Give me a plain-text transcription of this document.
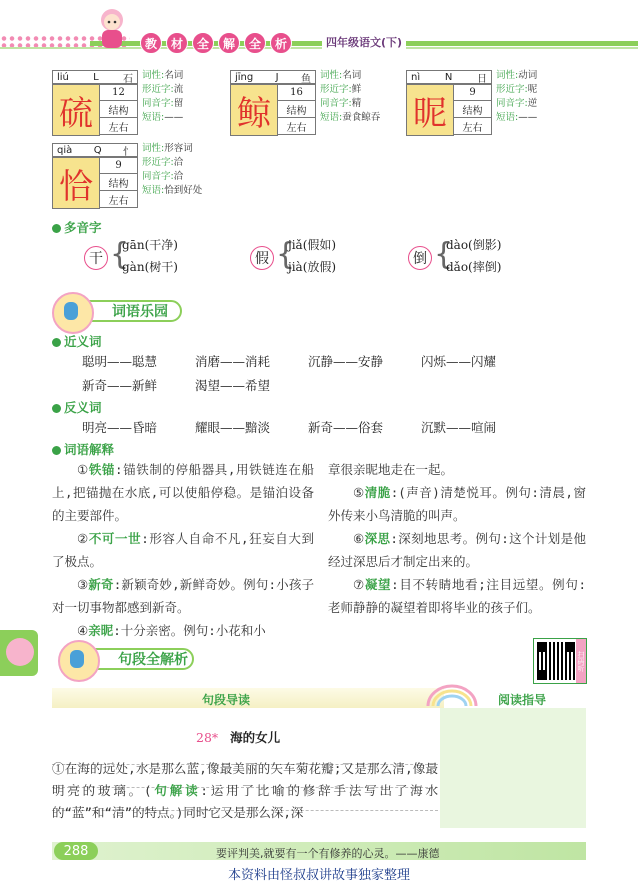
教	材	全	解	全	析	四年级语文(下)
liú L 石
硫
12
结构
左右
词性:名词
形近字:流
同音字:留
短语:——
jīng J 鱼
鲸
16
结构
左右
词性:名词
形近字:鲜
同音字:精
短语:蚕食鲸吞
nì N 日
昵
9
结构
左右
词性:动词
形近字:呢
同音字:逆
短语:——
qià Q 忄
恰
9
结构
左右
词性:形容词
形近字:洽
同音字:洽
短语:恰到好处
多音字
干 {
gān(干净)
gàn(树干)	假 {
jiǎ(假如)
jià(放假)	倒 {
dào(倒影)
dǎo(摔倒)
词语乐园
近义词
聪明——聪慧	消磨——消耗	沉静——安静	闪烁——闪耀
新奇——新鲜	渴望——希望
反义词
明亮——昏暗	耀眼——黯淡	新奇——俗套	沉默——喧闹
词语解释
①铁锚:锚铁制的停船器具,用铁链连在船上,把锚抛在水底,可以使船停稳。是锚泊设备的主要部件。
②不可一世:形容人自命不凡,狂妄自大到了极点。
③新奇:新颖奇妙,新鲜奇妙。例句:小孩子对一切事物都感到新奇。
④亲昵:十分亲密。例句:小花和小
章很亲昵地走在一起。
⑤清脆:(声音)清楚悦耳。例句:清晨,窗外传来小鸟清脆的叫声。
⑥深思:深刻地思考。例句:这个计划是他经过深思后才制定出来的。
⑦凝望:目不转睛地看;注目远望。例句:老师静静的凝望着即将毕业的孩子们。
句段全解析	扫码听
句段导读	阅读指导
28* 海的女儿
①在海的远处,水是那么蓝,像最美丽的矢车菊花瓣;又是那么清,像最明亮的玻璃。(句解读:运用了比喻的修辞手法写出了海水的“蓝”和“清”的特点。)同时它又是那么深,深
288	要评判美,就要有一个有修养的心灵。——康德
本资料由怪叔叔讲故事独家整理
